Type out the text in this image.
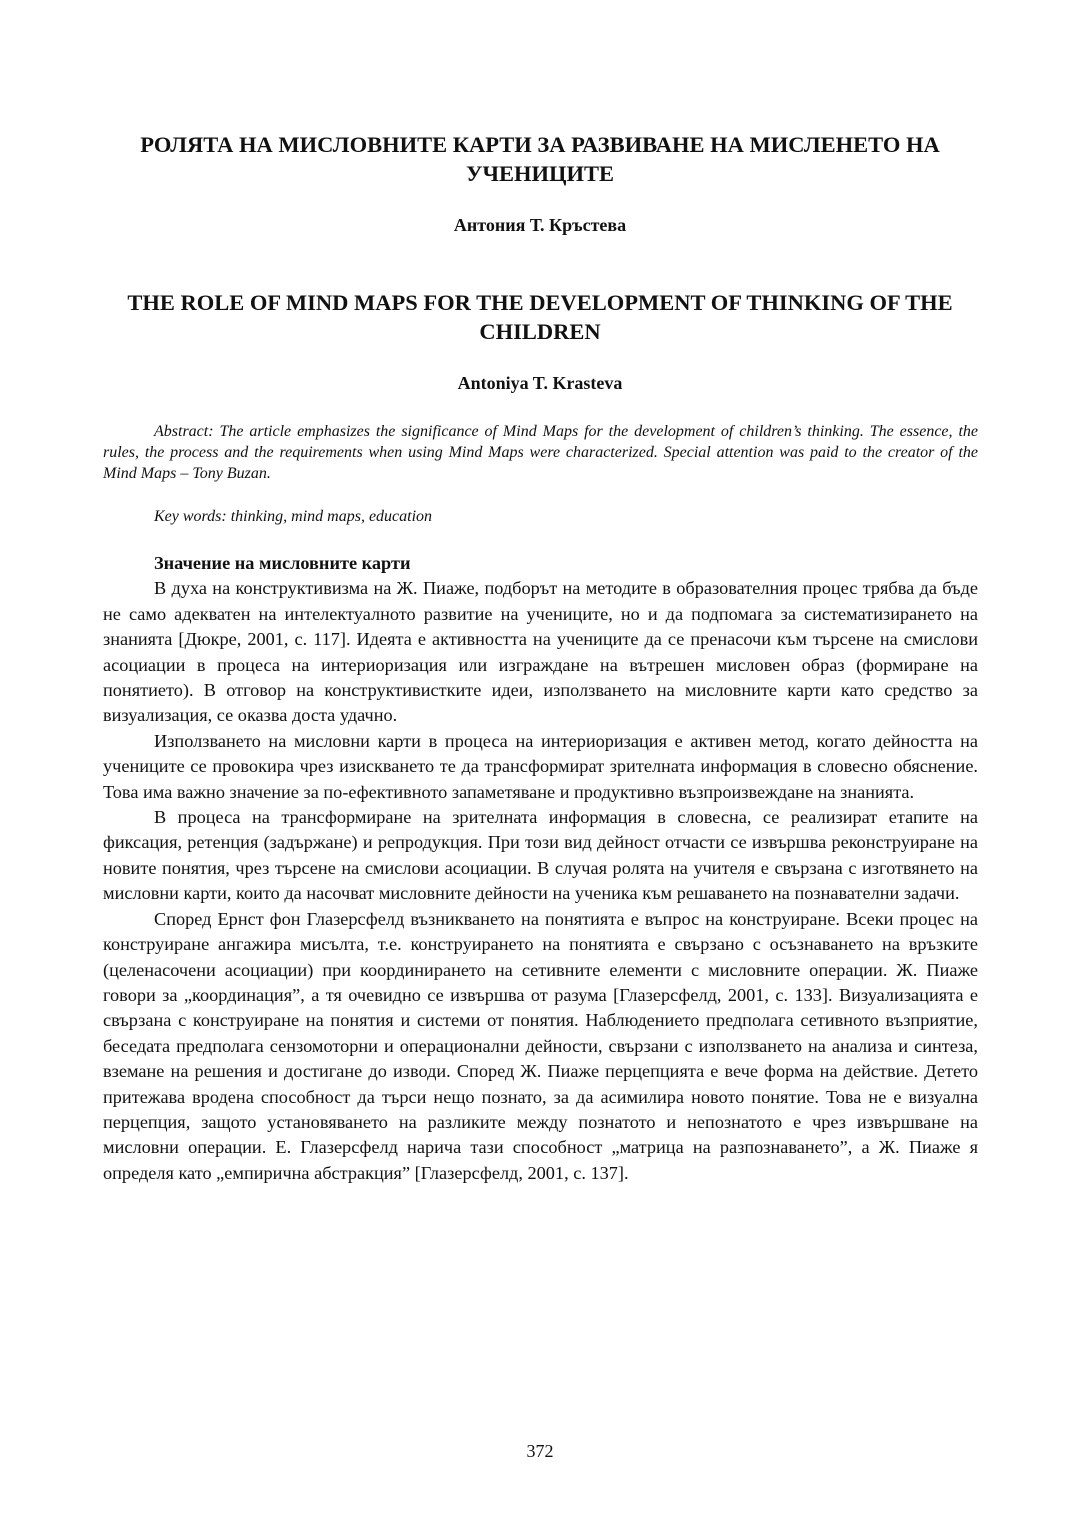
РОЛЯТА НА МИСЛОВНИТЕ КАРТИ ЗА РАЗВИВАНЕ НА МИСЛЕНЕТО НА УЧЕНИЦИТЕ

Антония Т. Кръстева

THE ROLE OF MIND MAPS FOR THE DEVELOPMENT OF THINKING OF THE CHILDREN

Antoniya T. Krasteva

Abstract: The article emphasizes the significance of Mind Maps for the development of children’s thinking. The essence, the rules, the process and the requirements when using Mind Maps were characterized. Special attention was paid to the creator of the Mind Maps – Tony Buzan.

Key words: thinking, mind maps, education

Значение на мисловните карти

В духа на конструктивизма на Ж. Пиаже, подборът на методите в образователния процес трябва да бъде не само адекватен на интелектуалното развитие на учениците, но и да подпомага за систематизирането на знанията [Дюкре, 2001, с. 117]. Идеята е активността на учениците да се пренасочи към търсене на смислови асоциации в процеса на интериоризация или изграждане на вътрешен мисловен образ (формиране на понятието). В отговор на конструктивистките идеи, използването на мисловните карти като средство за визуализация, се оказва доста удачно.

Използването на мисловни карти в процеса на интериоризация е активен метод, когато дейността на учениците се провокира чрез изискването те да трансформират зрителната информация в словесно обяснение. Това има важно значение за по-ефективното запаметяване и продуктивно възпроизвеждане на знанията.

В процеса на трансформиране на зрителната информация в словесна, се реализират етапите на фиксация, ретенция (задържане) и репродукция. При този вид дейност отчасти се извършва реконструиране на новите понятия, чрез търсене на смислови асоциации. В случая ролята на учителя е свързана с изготвянето на мисловни карти, които да насочват мисловните дейности на ученика към решаването на познавателни задачи.

Според Ернст фон Глазерсфелд възникването на понятията е въпрос на конструиране. Всеки процес на конструиране ангажира мисълта, т.е. конструирането на понятията е свързано с осъзнаването на връзките (целенасочени асоциации) при координирането на сетивните елементи с мисловните операции. Ж. Пиаже говори за „координация”, а тя очевидно се извършва от разума [Глазерсфелд, 2001, с. 133]. Визуализацията е свързана с конструиране на понятия и системи от понятия. Наблюдението предполага сетивното възприятие, беседата предполага сензомоторни и операционални дейности, свързани с използването на анализа и синтеза, вземане на решения и достигане до изводи. Според Ж. Пиаже перцепцията е вече форма на действие. Детето притежава вродена способност да търси нещо познато, за да асимилира новото понятие. Това не е визуална перцепция, защото установяването на разликите между познатото и непознатото е чрез извършване на мисловни операции. Е. Глазерсфелд нарича тази способност „матрица на разпознаването”, а Ж. Пиаже я определя като „емпирична абстракция” [Глазерсфелд, 2001, с. 137].

372
